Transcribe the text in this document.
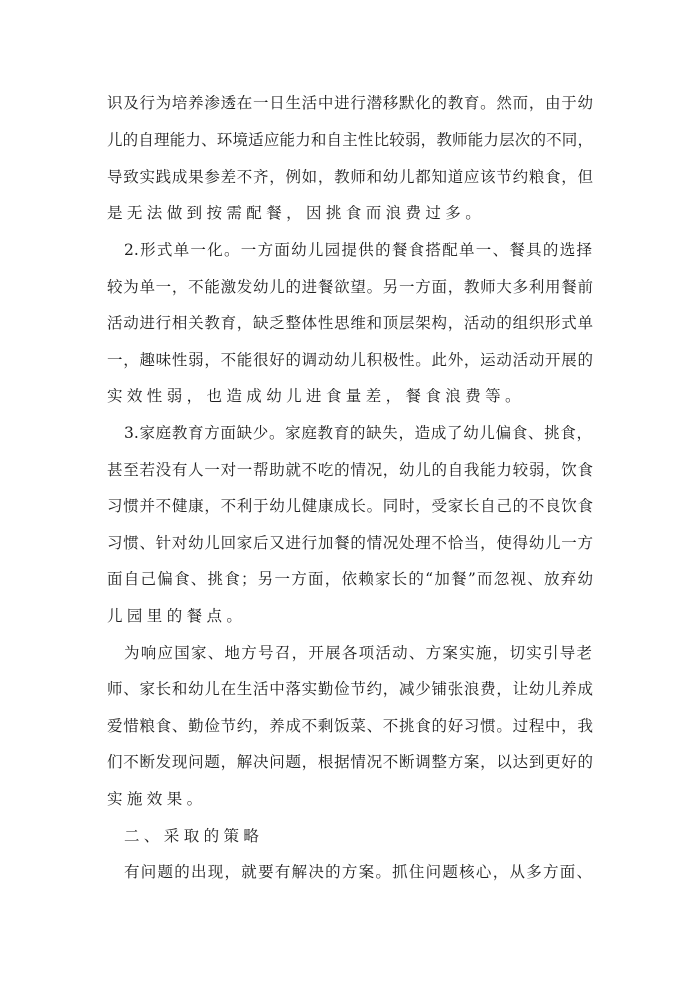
识及行为培养渗透在一日生活中进行潜移默化的教育。然而，由于幼
儿的自理能力、环境适应能力和自主性比较弱，教师能力层次的不同，
导致实践成果参差不齐，例如，教师和幼儿都知道应该节约粮食，但
是无法做到按需配餐，因挑食而浪费过多。
2.形式单一化。一方面幼儿园提供的餐食搭配单一、餐具的选择
较为单一，不能激发幼儿的进餐欲望。另一方面，教师大多利用餐前
活动进行相关教育，缺乏整体性思维和顶层架构，活动的组织形式单
一，趣味性弱，不能很好的调动幼儿积极性。此外，运动活动开展的
实效性弱，也造成幼儿进食量差，餐食浪费等。
3.家庭教育方面缺少。家庭教育的缺失，造成了幼儿偏食、挑食，
甚至若没有人一对一帮助就不吃的情况，幼儿的自我能力较弱，饮食
习惯并不健康，不利于幼儿健康成长。同时，受家长自己的不良饮食
习惯、针对幼儿回家后又进行加餐的情况处理不恰当，使得幼儿一方
面自己偏食、挑食；另一方面，依赖家长的“加餐”而忽视、放弃幼
儿园里的餐点。
为响应国家、地方号召，开展各项活动、方案实施，切实引导老
师、家长和幼儿在生活中落实勤俭节约，减少铺张浪费，让幼儿养成
爱惜粮食、勤俭节约，养成不剩饭菜、不挑食的好习惯。过程中，我
们不断发现问题，解决问题，根据情况不断调整方案，以达到更好的
实施效果。
二、采取的策略
有问题的出现，就要有解决的方案。抓住问题核心，从多方面、
